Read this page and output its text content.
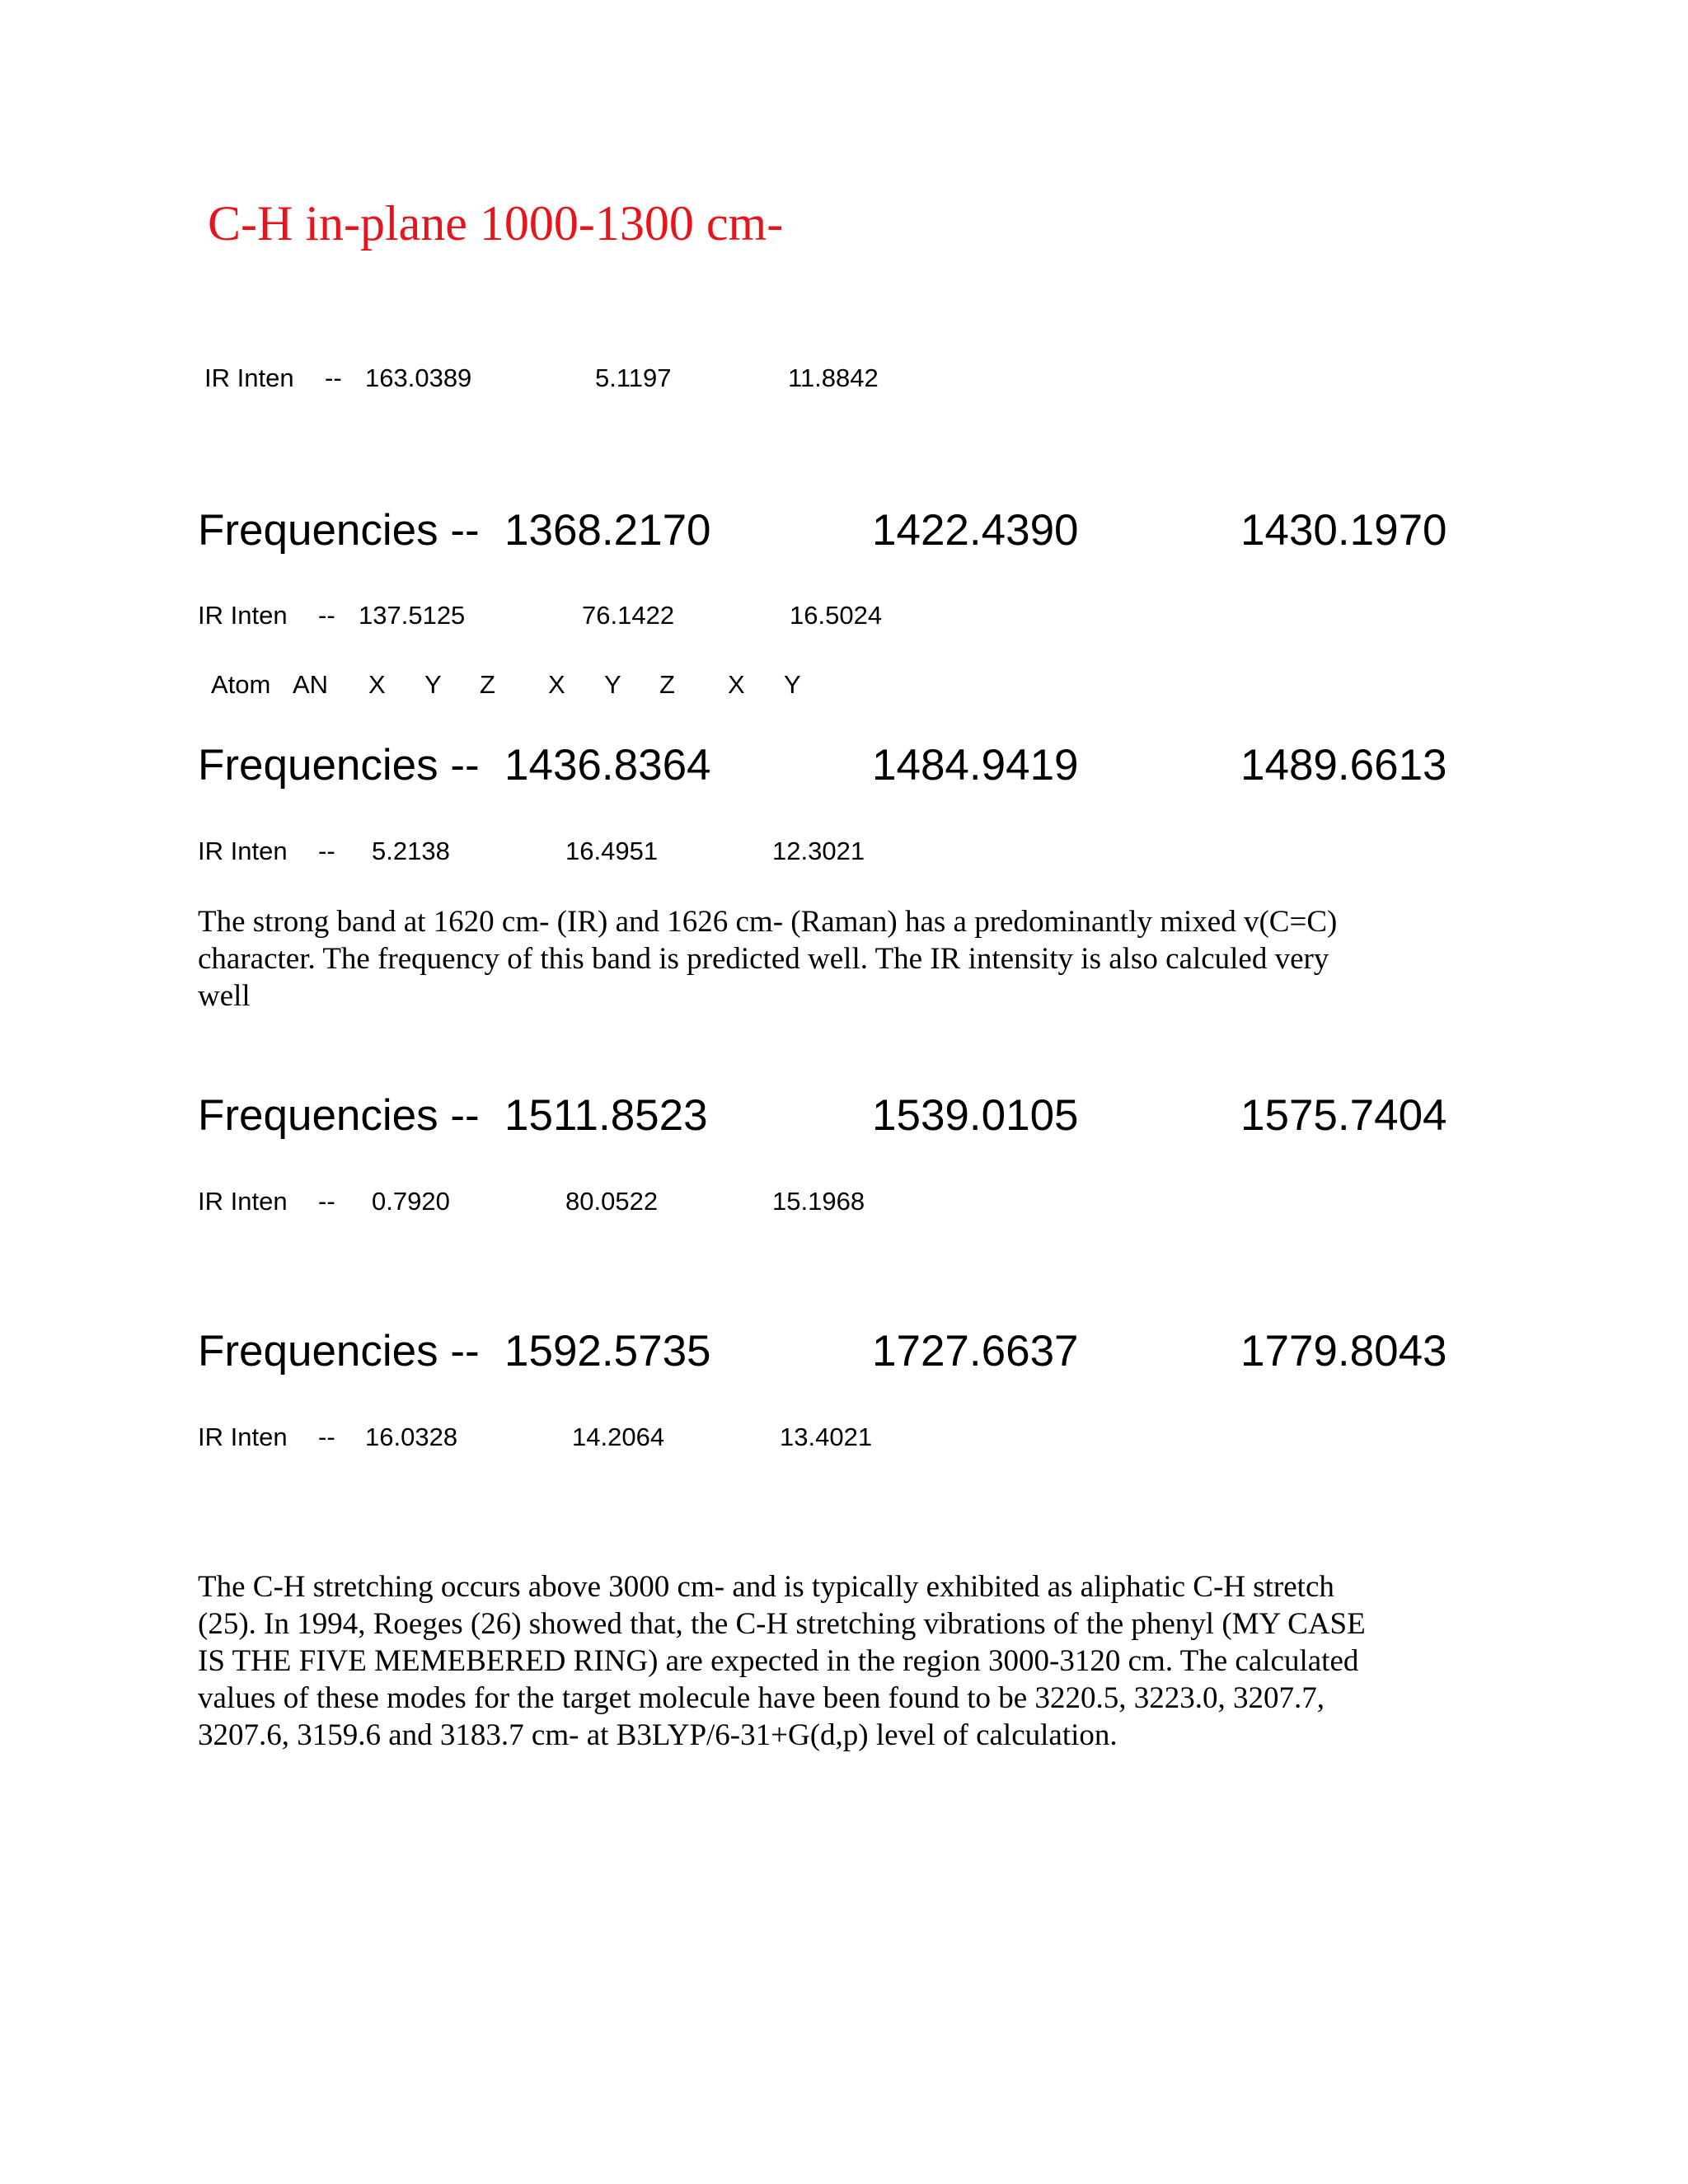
C-H in-plane 1000-1300 cm-
IR Inten -- 163.0389	5.1197	11.8842
Frequencies -- 1368.2170	1422.4390	1430.1970
IR Inten -- 137.5125	76.1422	16.5024
Atom AN X Y Z X Y Z X Y
Frequencies -- 1436.8364	1484.9419	1489.6613
IR Inten -- 5.2138	16.4951	12.3021
The strong band at 1620 cm- (IR) and 1626 cm- (Raman) has a predominantly mixed v(C=C)
character. The frequency of this band is predicted well. The IR intensity is also calculed very
well
Frequencies -- 1511.8523	1539.0105	1575.7404
IR Inten -- 0.7920	80.0522	15.1968
Frequencies -- 1592.5735	1727.6637	1779.8043
IR Inten -- 16.0328	14.2064	13.4021
The C-H stretching occurs above 3000 cm- and is typically exhibited as aliphatic C-H stretch
(25). In 1994, Roeges (26) showed that, the C-H stretching vibrations of the phenyl (MY CASE
IS THE FIVE MEMEBERED RING) are expected in the region 3000-3120 cm. The calculated
values of these modes for the target molecule have been found to be 3220.5, 3223.0, 3207.7,
3207.6, 3159.6 and 3183.7 cm- at B3LYP/6-31+G(d,p) level of calculation.
